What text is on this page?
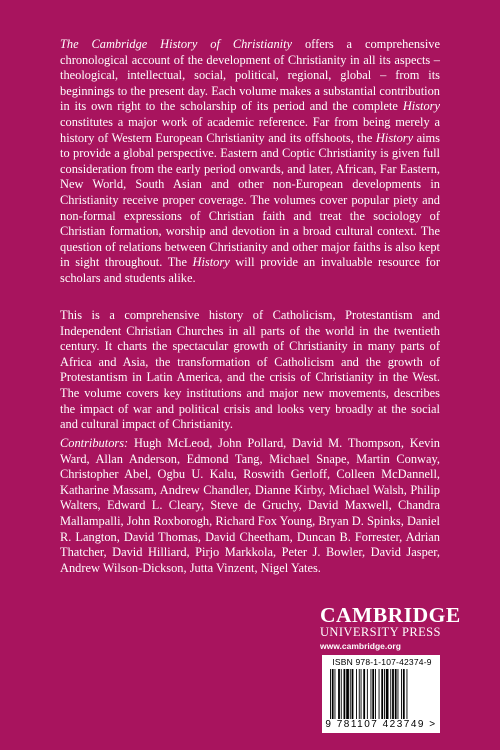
The Cambridge History of Christianity offers a comprehensive chronological account of the development of Christianity in all its aspects – theological, intellectual, social, political, regional, global – from its beginnings to the present day. Each volume makes a substantial contribution in its own right to the scholarship of its period and the complete History constitutes a major work of academic reference. Far from being merely a history of Western European Christianity and its offshoots, the History aims to provide a global perspective. Eastern and Coptic Christianity is given full consideration from the early period onwards, and later, African, Far Eastern, New World, South Asian and other non-European developments in Christianity receive proper coverage. The volumes cover popular piety and non-formal expressions of Christian faith and treat the sociology of Christian formation, worship and devotion in a broad cultural context. The question of relations between Christianity and other major faiths is also kept in sight throughout. The History will provide an invaluable resource for scholars and students alike.

This is a comprehensive history of Catholicism, Protestantism and Independent Christian Churches in all parts of the world in the twentieth century. It charts the spectacular growth of Christianity in many parts of Africa and Asia, the transformation of Catholicism and the growth of Protestantism in Latin America, and the crisis of Christianity in the West. The volume covers key institutions and major new movements, describes the impact of war and political crisis and looks very broadly at the social and cultural impact of Christianity.

Contributors: Hugh McLeod, John Pollard, David M. Thompson, Kevin Ward, Allan Anderson, Edmond Tang, Michael Snape, Martin Conway, Christopher Abel, Ogbu U. Kalu, Roswith Gerloff, Colleen McDannell, Katharine Massam, Andrew Chandler, Dianne Kirby, Michael Walsh, Philip Walters, Edward L. Cleary, Steve de Gruchy, David Maxwell, Chandra Mallampalli, John Roxborogh, Richard Fox Young, Bryan D. Spinks, Daniel R. Langton, David Thomas, David Cheetham, Duncan B. Forrester, Adrian Thatcher, David Hilliard, Pirjo Markkola, Peter J. Bowler, David Jasper, Andrew Wilson-Dickson, Jutta Vinzent, Nigel Yates.

CAMBRIDGE
UNIVERSITY PRESS
www.cambridge.org
ISBN 978-1-107-42374-9
9 781107 423749 >
